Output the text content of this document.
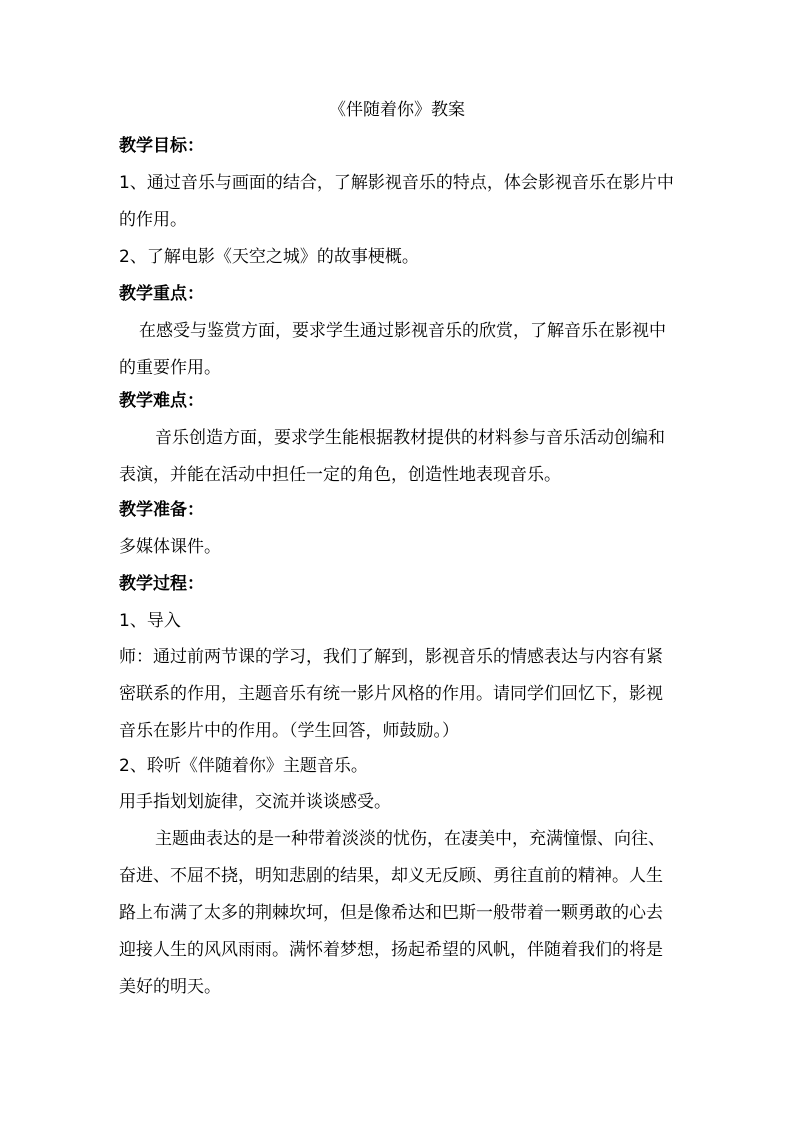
《伴随着你》教案

教学目标：

1、通过音乐与画面的结合，了解影视音乐的特点，体会影视音乐在影片中的作用。

2、了解电影《天空之城》的故事梗概。

教学重点：

在感受与鉴赏方面，要求学生通过影视音乐的欣赏，了解音乐在影视中的重要作用。

教学难点：

音乐创造方面，要求学生能根据教材提供的材料参与音乐活动创编和表演，并能在活动中担任一定的角色，创造性地表现音乐。

教学准备：

多媒体课件。

教学过程：

1、导入

师：通过前两节课的学习，我们了解到，影视音乐的情感表达与内容有紧密联系的作用，主题音乐有统一影片风格的作用。请同学们回忆下，影视音乐在影片中的作用。（学生回答，师鼓励。）

2、聆听《伴随着你》主题音乐。

用手指划划旋律，交流并谈谈感受。

主题曲表达的是一种带着淡淡的忧伤，在凄美中，充满憧憬、向往、奋进、不屈不挠，明知悲剧的结果，却义无反顾、勇往直前的精神。人生路上布满了太多的荆棘坎坷，但是像希达和巴斯一般带着一颗勇敢的心去迎接人生的风风雨雨。满怀着梦想，扬起希望的风帆，伴随着我们的将是美好的明天。
